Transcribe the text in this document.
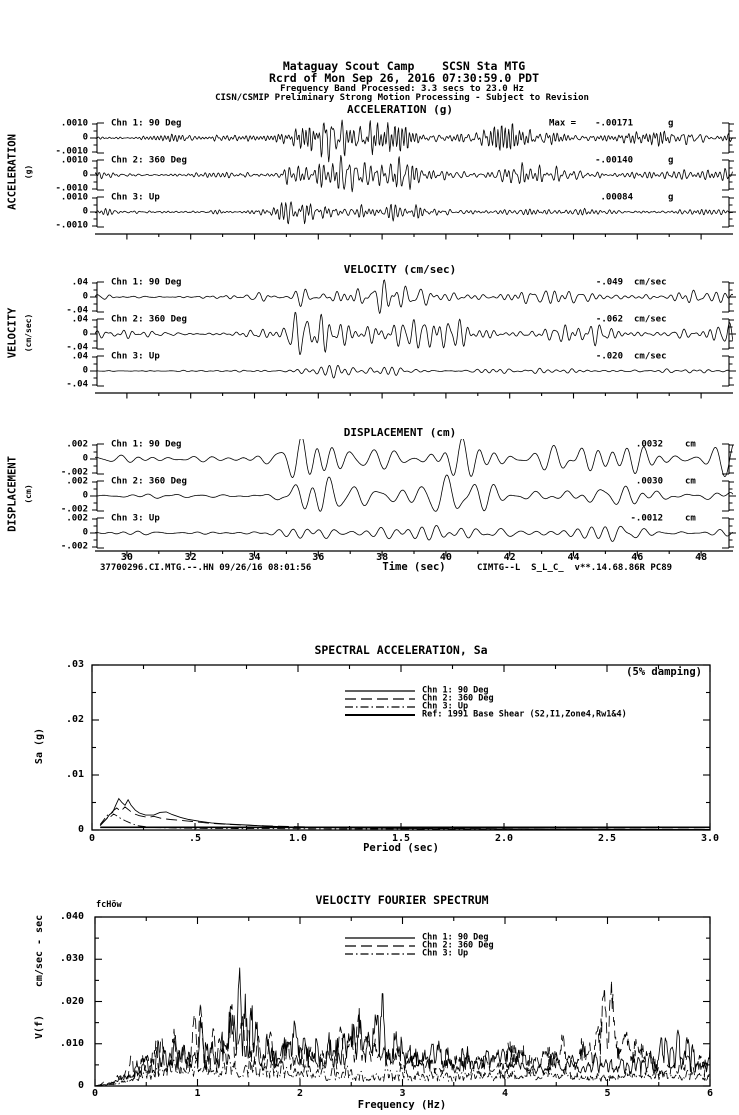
Mataguay Scout Camp    SCSN Sta MTG
Rcrd of Mon Sep 26, 2016 07:30:59.0 PDT
Frequency Band Processed: 3.3 secs to 23.0 Hz
CISN/CSMIP Preliminary Strong Motion Processing - Subject to Revision
ACCELERATION (g)
ACCELERATION (g)
VELOCITY (cm/sec)
VELOCITY (cm/sec)
DISPLACEMENT (cm)
DISPLACEMENT (cm)
Time (sec)
37700296.CI.MTG.--.HN 09/26/16 08:01:56	CIMTG--L  S_L_C_  v**.14.68.86R PC89
SPECTRAL ACCELERATION, Sa
(5% damping)
Sa (g)
Period (sec)
VELOCITY FOURIER SPECTRUM
fcHöw
cm/sec - sec
V(f)
Frequency (Hz)
Chn 1: 90 Deg
.0010
0
-.0010
Max = -.00171	g
Chn 2: 360 Deg
.0010
0
-.0010
-.00140	g
Chn 3: Up
.0010
0
-.0010
.00084	g
Chn 1: 90 Deg
.04
0
-.04
-.049 cm/sec
Chn 2: 360 Deg
.04
0
-.04
-.062 cm/sec
Chn 3: Up
.04
0
-.04
-.020 cm/sec
Chn 1: 90 Deg
.002
0
-.002
.0032 cm
Chn 2: 360 Deg
.002
0
-.002
.0030 cm
Chn 3: Up
.002
0
-.002
-.0012 cm
30	32	34	36	38	40	42	44	46	48
0
.01
.02
.03
0	.5	1.0	1.5	2.0	2.5	3.0
Chn 1: 90 Deg
Chn 2: 360 Deg
Chn 3: Up
Ref: 1991 Base Shear (S2,I1,Zone4,Rw1&4)
0
.010
.020
.030
.040
0	1	2	3	4	5	6
Chn 1: 90 Deg
Chn 2: 360 Deg
Chn 3: Up
